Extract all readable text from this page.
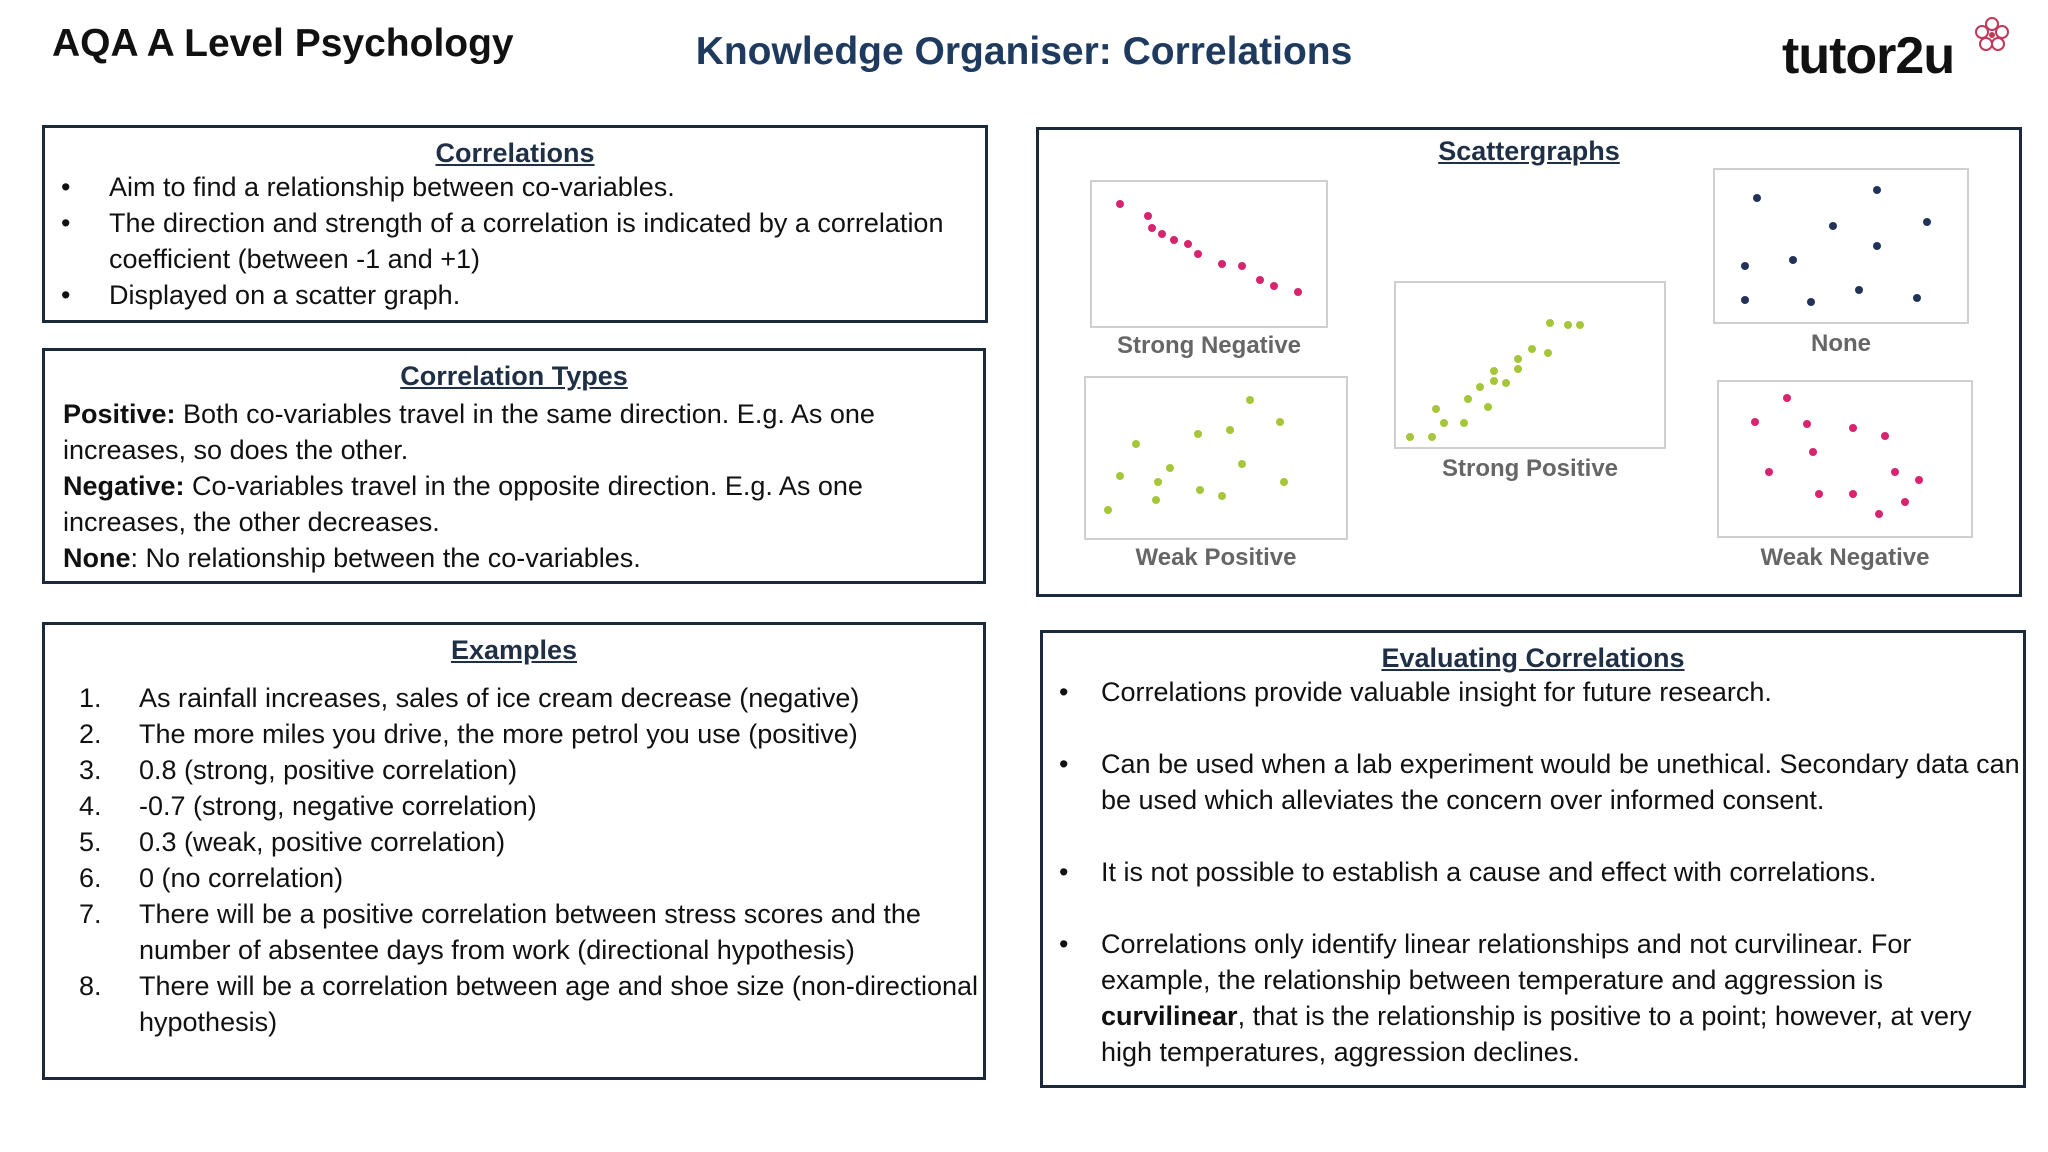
AQA A Level Psychology	Knowledge Organiser: Correlations	tutor2u
Correlations
• Aim to find a relationship between co-variables.
• The direction and strength of a correlation is indicated by a correlation coefficient (between -1 and +1)
• Displayed on a scatter graph.
Correlation Types
Positive: Both co-variables travel in the same direction. E.g. As one increases, so does the other.
Negative: Co-variables travel in the opposite direction. E.g. As one increases, the other decreases.
None: No relationship between the co-variables.
Examples
1. As rainfall increases, sales of ice cream decrease (negative)
2. The more miles you drive, the more petrol you use (positive)
3. 0.8 (strong, positive correlation)
4. -0.7 (strong, negative correlation)
5. 0.3 (weak, positive correlation)
6. 0 (no correlation)
7. There will be a positive correlation between stress scores and the number of absentee days from work (directional hypothesis)
8. There will be a correlation between age and shoe size (non-directional hypothesis)
Scattergraphs
Strong Negative
Weak Positive
Strong Positive
None
Weak Negative
Evaluating Correlations
• Correlations provide valuable insight for future research.
• Can be used when a lab experiment would be unethical. Secondary data can be used which alleviates the concern over informed consent.
• It is not possible to establish a cause and effect with correlations.
• Correlations only identify linear relationships and not curvilinear. For example, the relationship between temperature and aggression is curvilinear, that is the relationship is positive to a point; however, at very high temperatures, aggression declines.
